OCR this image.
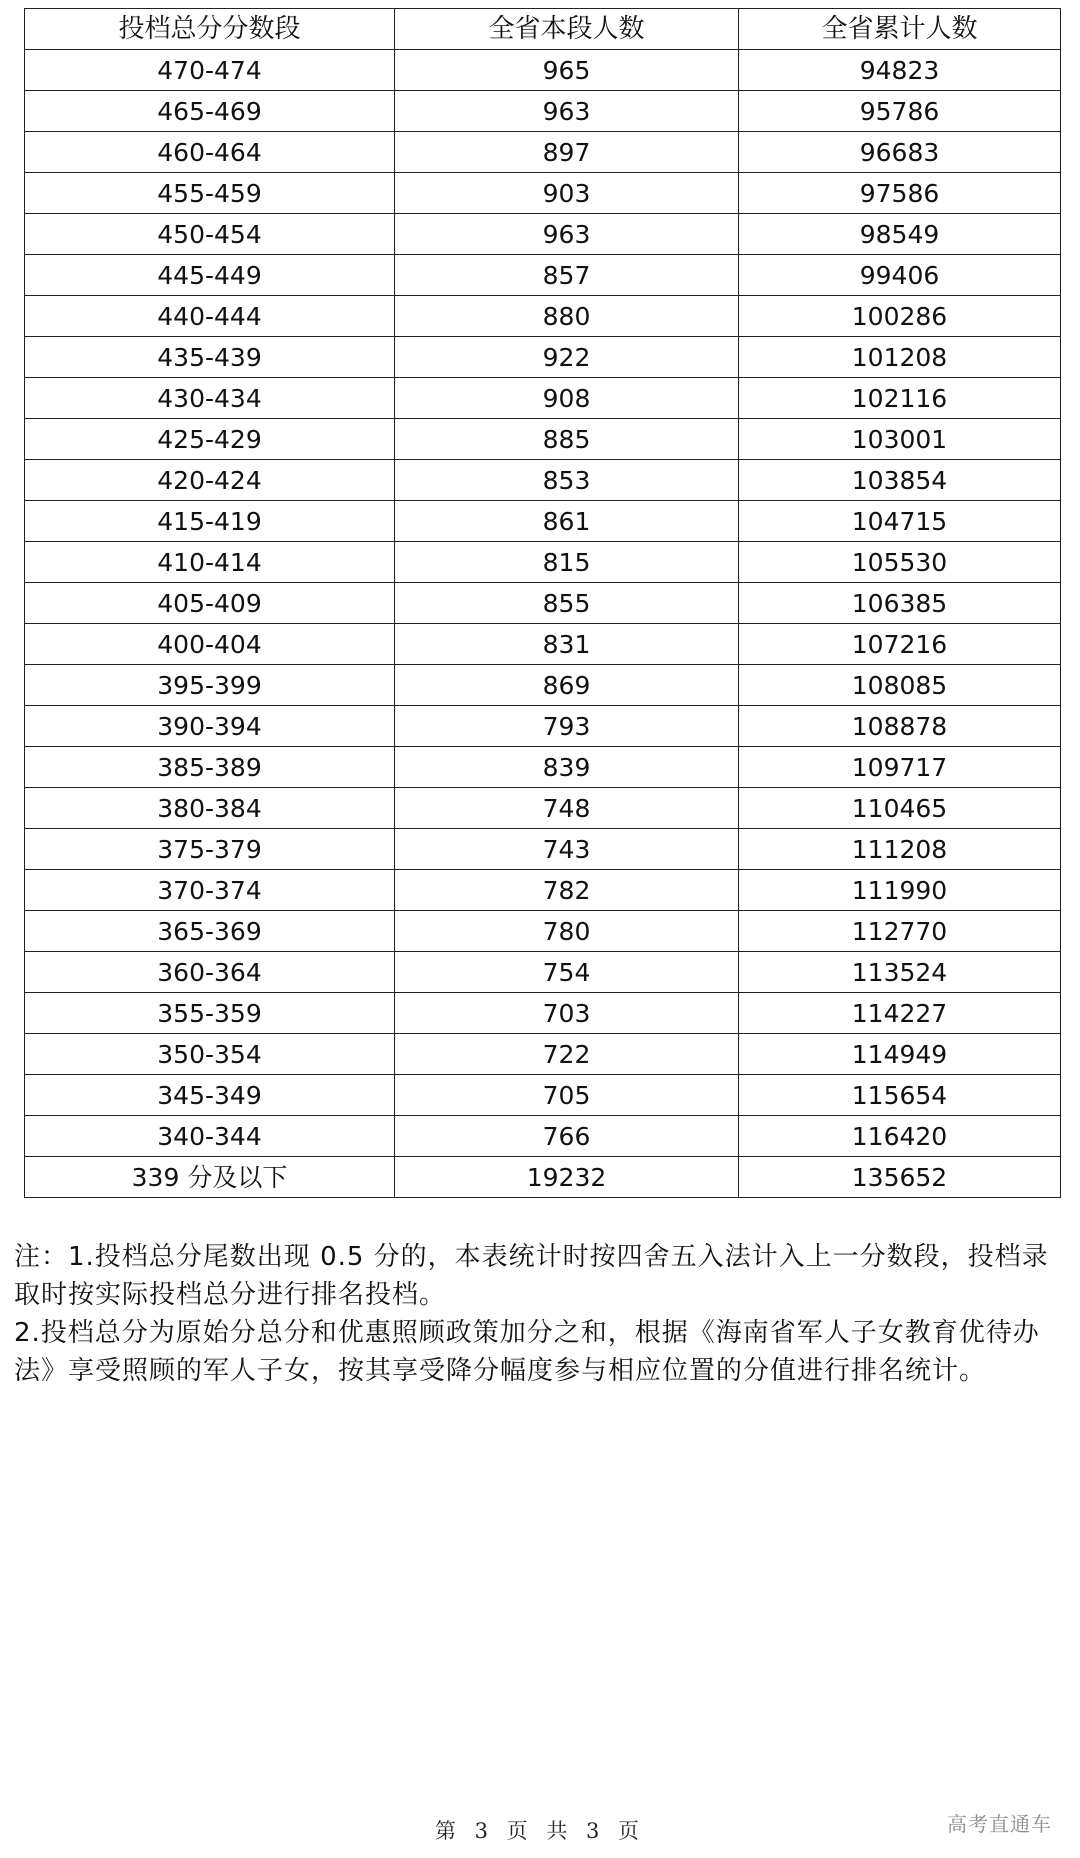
投档总分分数段	全省本段人数	全省累计人数
470-474	965	94823
465-469	963	95786
460-464	897	96683
455-459	903	97586
450-454	963	98549
445-449	857	99406
440-444	880	100286
435-439	922	101208
430-434	908	102116
425-429	885	103001
420-424	853	103854
415-419	861	104715
410-414	815	105530
405-409	855	106385
400-404	831	107216
395-399	869	108085
390-394	793	108878
385-389	839	109717
380-384	748	110465
375-379	743	111208
370-374	782	111990
365-369	780	112770
360-364	754	113524
355-359	703	114227
350-354	722	114949
345-349	705	115654
340-344	766	116420
339 分及以下	19232	135652

注：1.投档总分尾数出现 0.5 分的，本表统计时按四舍五入法计入上一分数段，投档录取时按实际投档总分进行排名投档。

2.投档总分为原始分总分和优惠照顾政策加分之和，根据《海南省军人子女教育优待办法》享受照顾的军人子女，按其享受降分幅度参与相应位置的分值进行排名统计。

第 3 页 共 3 页	高考直通车
